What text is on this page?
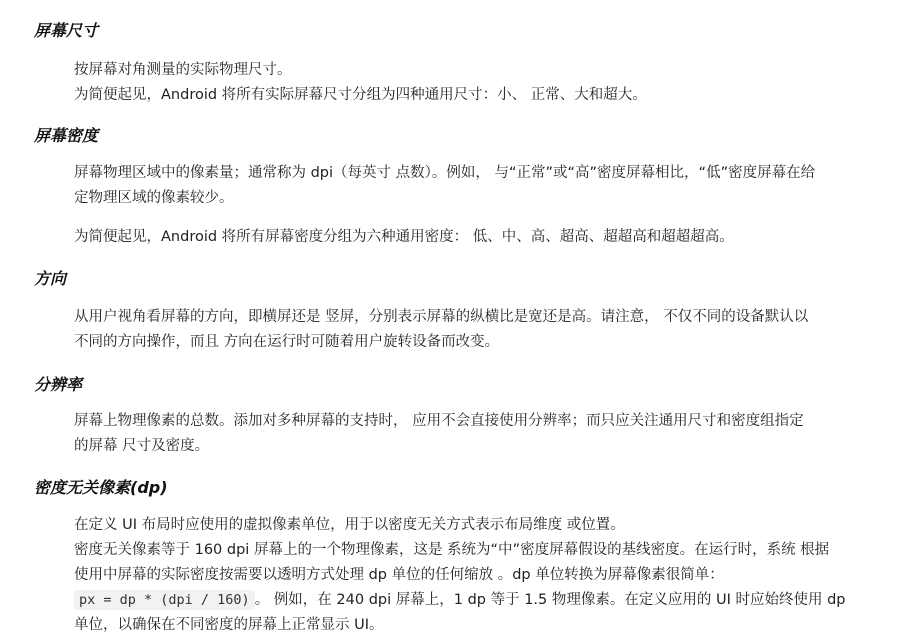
屏幕尺寸
按屏幕对角测量的实际物理尺寸。
为简便起见，Android 将所有实际屏幕尺寸分组为四种通用尺寸：小、 正常、大和超大。
屏幕密度
屏幕物理区域中的像素量；通常称为 dpi（每英寸 点数）。例如， 与“正常”或“高”密度屏幕相比，“低”密度屏幕在给
定物理区域的像素较少。
为简便起见，Android 将所有屏幕密度分组为六种通用密度： 低、中、高、超高、超超高和超超超高。
方向
从用户视角看屏幕的方向，即横屏还是 竖屏，分别表示屏幕的纵横比是宽还是高。请注意， 不仅不同的设备默认以
不同的方向操作，而且 方向在运行时可随着用户旋转设备而改变。
分辨率
屏幕上物理像素的总数。添加对多种屏幕的支持时， 应用不会直接使用分辨率；而只应关注通用尺寸和密度组指定
的屏幕 尺寸及密度。
密度无关像素(dp)
在定义 UI 布局时应使用的虚拟像素单位，用于以密度无关方式表示布局维度 或位置。
密度无关像素等于 160 dpi 屏幕上的一个物理像素，这是 系统为“中”密度屏幕假设的基线密度。在运行时，系统 根据
使用中屏幕的实际密度按需要以透明方式处理 dp 单位的任何缩放 。dp 单位转换为屏幕像素很简单：
px = dp * (dpi / 160) 。 例如，在 240 dpi 屏幕上，1 dp 等于 1.5 物理像素。在定义应用的 UI 时应始终使用 dp
单位，以确保在不同密度的屏幕上正常显示 UI。
